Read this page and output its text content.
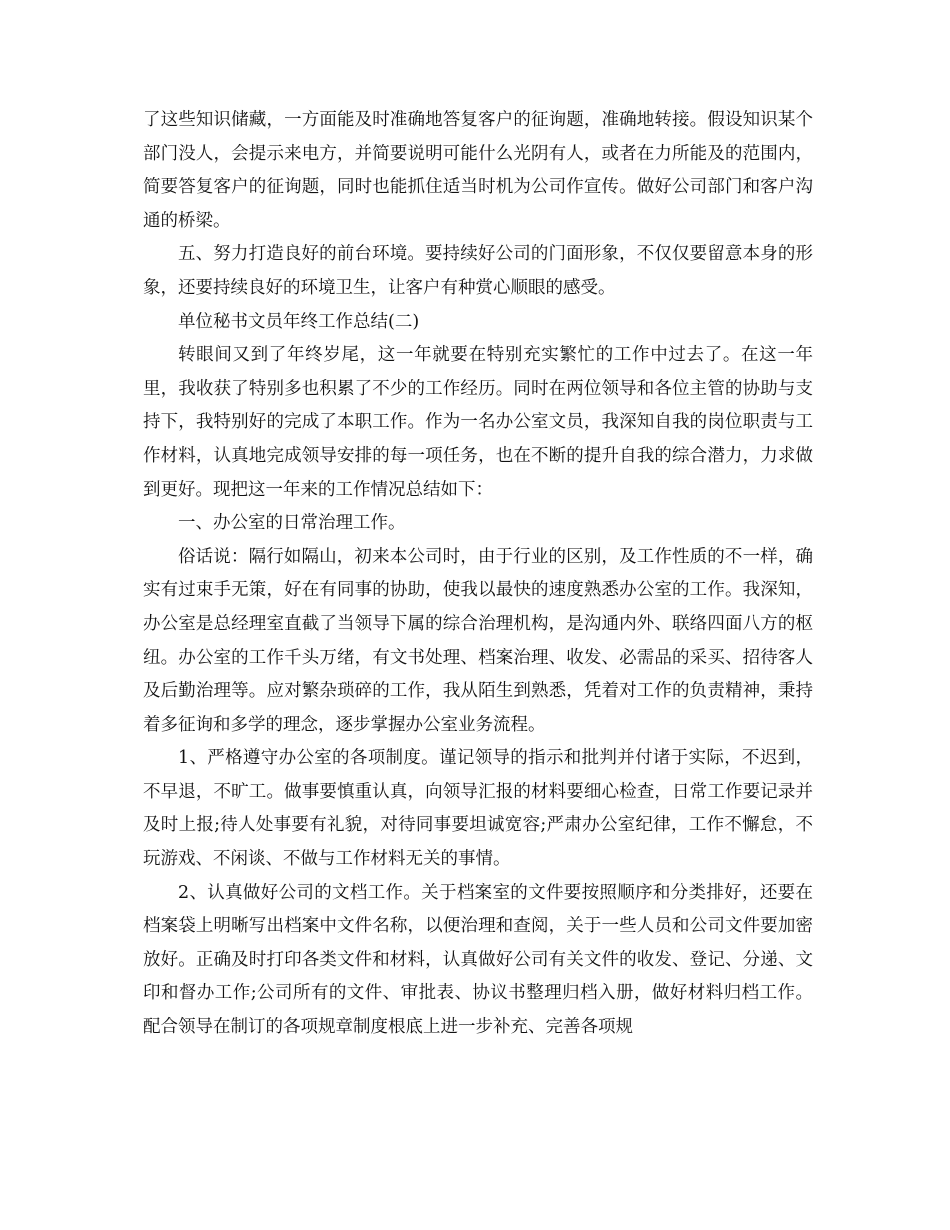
了这些知识储藏，一方面能及时准确地答复客户的征询题，准确地转接。假设知识某个部门没人，会提示来电方，并简要说明可能什么光阴有人，或者在力所能及的范围内，简要答复客户的征询题，同时也能抓住适当时机为公司作宣传。做好公司部门和客户沟通的桥梁。

五、努力打造良好的前台环境。要持续好公司的门面形象，不仅仅要留意本身的形象，还要持续良好的环境卫生，让客户有种赏心顺眼的感受。

单位秘书文员年终工作总结(二)

转眼间又到了年终岁尾，这一年就要在特别充实繁忙的工作中过去了。在这一年里，我收获了特别多也积累了不少的工作经历。同时在两位领导和各位主管的协助与支持下，我特别好的完成了本职工作。作为一名办公室文员，我深知自我的岗位职责与工作材料，认真地完成领导安排的每一项任务，也在不断的提升自我的综合潜力，力求做到更好。现把这一年来的工作情况总结如下：

一、办公室的日常治理工作。

俗话说：隔行如隔山，初来本公司时，由于行业的区别，及工作性质的不一样，确实有过束手无策，好在有同事的协助，使我以最快的速度熟悉办公室的工作。我深知，办公室是总经理室直截了当领导下属的综合治理机构，是沟通内外、联络四面八方的枢纽。办公室的工作千头万绪，有文书处理、档案治理、收发、必需品的采买、招待客人及后勤治理等。应对繁杂琐碎的工作，我从陌生到熟悉，凭着对工作的负责精神，秉持着多征询和多学的理念，逐步掌握办公室业务流程。

1、严格遵守办公室的各项制度。谨记领导的指示和批判并付诸于实际，不迟到，不早退，不旷工。做事要慎重认真，向领导汇报的材料要细心检查，日常工作要记录并及时上报;待人处事要有礼貌，对待同事要坦诚宽容;严肃办公室纪律，工作不懈怠，不玩游戏、不闲谈、不做与工作材料无关的事情。

2、认真做好公司的文档工作。关于档案室的文件要按照顺序和分类排好，还要在档案袋上明晰写出档案中文件名称，以便治理和查阅，关于一些人员和公司文件要加密放好。正确及时打印各类文件和材料，认真做好公司有关文件的收发、登记、分递、文印和督办工作;公司所有的文件、审批表、协议书整理归档入册，做好材料归档工作。配合领导在制订的各项规章制度根底上进一步补充、完善各项规
